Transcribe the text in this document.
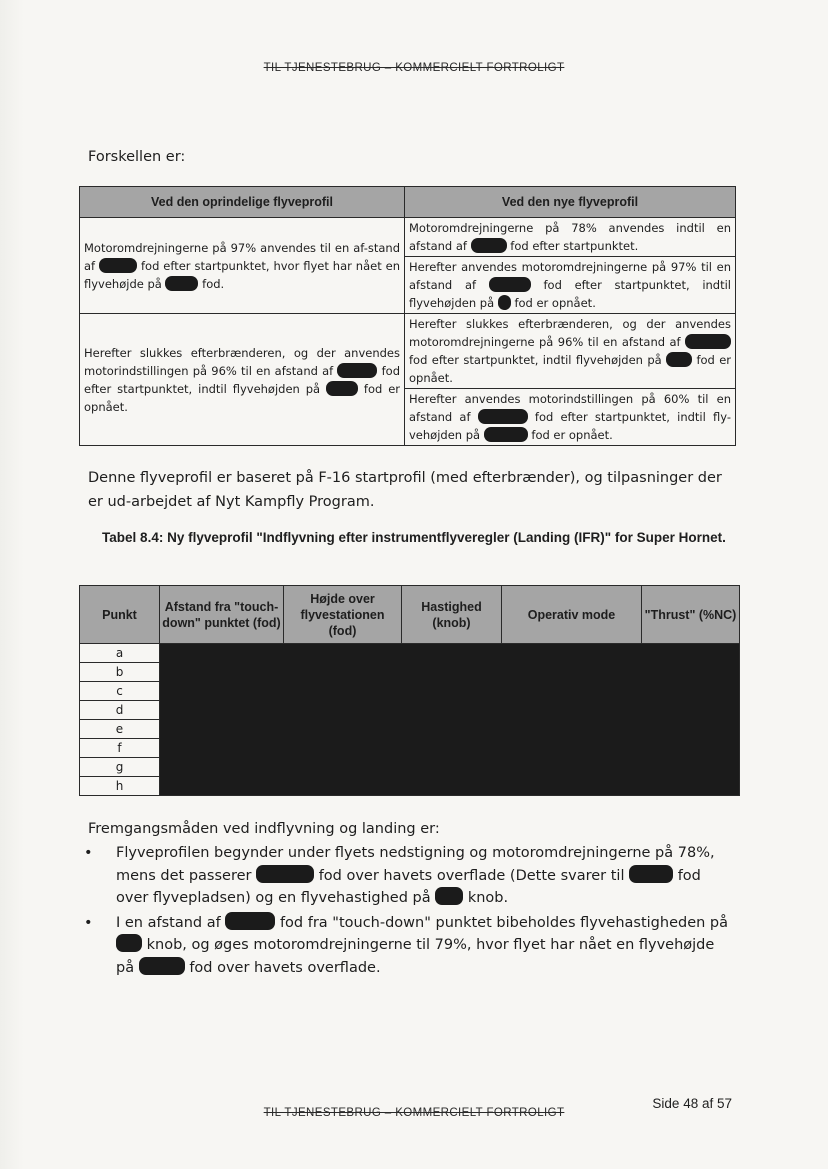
TIL TJENESTEBRUG – KOMMERCIELT FORTROLIGT
Forskellen er:
Ved den oprindelige flyveprofil	Ved den nye flyveprofil
Motoromdrejningerne på 97% anvendes til en af-stand af fod efter startpunktet, hvor flyet har nået en flyvehøjde på fod.	Motoromdrejningerne på 78% anvendes indtil en afstand af fod efter startpunktet.
Herefter anvendes motoromdrejningerne på 97% til en afstand af fod efter startpunktet, indtil flyvehøjden på fod er opnået.

Herefter slukkes efterbrænderen, og der anvendes motorindstillingen på 96% til en afstand af fod efter startpunktet, indtil flyvehøjden på fod er opnået.	Herefter slukkes efterbrænderen, og der anvendes motoromdrejningerne på 96% til en afstand af  fod efter startpunktet, indtil flyvehøjden på fod er opnået.
Herefter anvendes motorindstillingen på 60% til en afstand af fod efter startpunktet, indtil fly-vehøjden på fod er opnået.
Denne flyveprofil er baseret på F-16 startprofil (med efterbrænder), og tilpasninger der er ud-arbejdet af Nyt Kampfly Program.
Tabel 8.4: Ny flyveprofil "Indflyvning efter instrumentflyveregler (Landing (IFR)" for Super Hornet.
Punkt	Afstand fra "touch-down" punktet (fod)	Højde over flyvestationen (fod)	Hastighed (knob)	Operativ mode	"Thrust" (%NC)
a					
b					
c					
d					
e					
f					
g					
h					
Fremgangsmåden ved indflyvning og landing er:
• Flyveprofilen begynder under flyets nedstigning og motoromdrejningerne på 78%, mens det passerer	fod over havets overflade (Dette svarer til	fod over flyvepladsen) og en flyvehastighed på	knob.
• I en afstand af	fod fra "touch-down" punktet bibeholdes flyvehastigheden på  knob, og øges motoromdrejningerne til 79%, hvor flyet har nået en flyvehøjde på	fod over havets overflade.
Side 48 af 57
TIL TJENESTEBRUG – KOMMERCIELT FORTROLIGT
